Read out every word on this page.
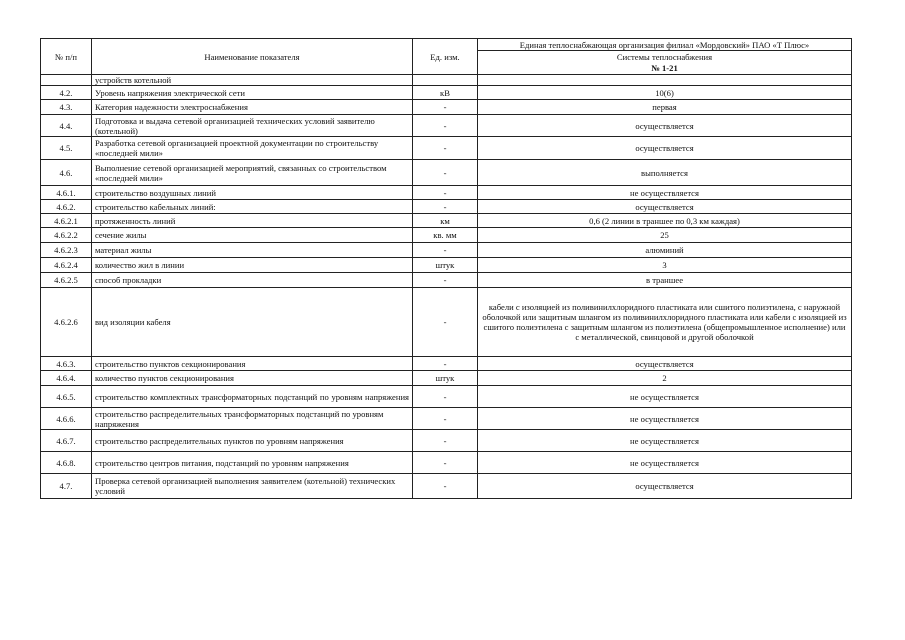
№ п/п	Наименование показателя	Ед. изм.	Единая теплоснабжающая организация филиал «Мордовский» ПАО «Т Плюс»
			Системы теплоснабжения
			№ 1-21
	устройств котельной		
4.2.	Уровень напряжения электрической сети	кВ	10(6)
4.3.	Категория надежности электроснабжения	-	первая
4.4.	Подготовка и выдача сетевой организацией технических условий заявителю (котельной)	-	осуществляется
4.5.	Разработка сетевой организацией проектной документации по строительству «последней мили»	-	осуществляется
4.6.	Выполнение сетевой организацией мероприятий, связанных со строительством «последней мили»	-	выполняется
4.6.1.	строительство воздушных линий	-	не осуществляется
4.6.2.	строительство кабельных линий:	-	осуществляется
4.6.2.1	протяженность линий	км	0,6 (2 линии в траншее по 0,3 км каждая)
4.6.2.2	сечение жилы	кв. мм	25
4.6.2.3	материал жилы	-	алюминий
4.6.2.4	количество жил в линии	штук	3
4.6.2.5	способ прокладки	-	в траншее
4.6.2.6	вид изоляции кабеля	-	кабели с изоляцией из поливинилхлоридного пластиката или сшитого полиэтилена, с наружной оболочкой или защитным шлангом из поливинилхлоридного пластиката или кабели с изоляцией из сшитого полиэтилена с защитным шлангом из полиэтилена (общепромышленное исполнение) или с металлической, свинцовой и другой оболочкой
4.6.3.	строительство пунктов секционирования	-	осуществляется
4.6.4.	количество пунктов секционирования	штук	2
4.6.5.	строительство комплектных трансформаторных подстанций по уровням напряжения	-	не осуществляется
4.6.6.	строительство распределительных трансформаторных подстанций по уровням напряжения	-	не осуществляется
4.6.7.	строительство распределительных пунктов по уровням напряжения	-	не осуществляется
4.6.8.	строительство центров питания, подстанций по уровням напряжения	-	не осуществляется
4.7.	Проверка сетевой организацией выполнения заявителем (котельной) технических условий	-	осуществляется
